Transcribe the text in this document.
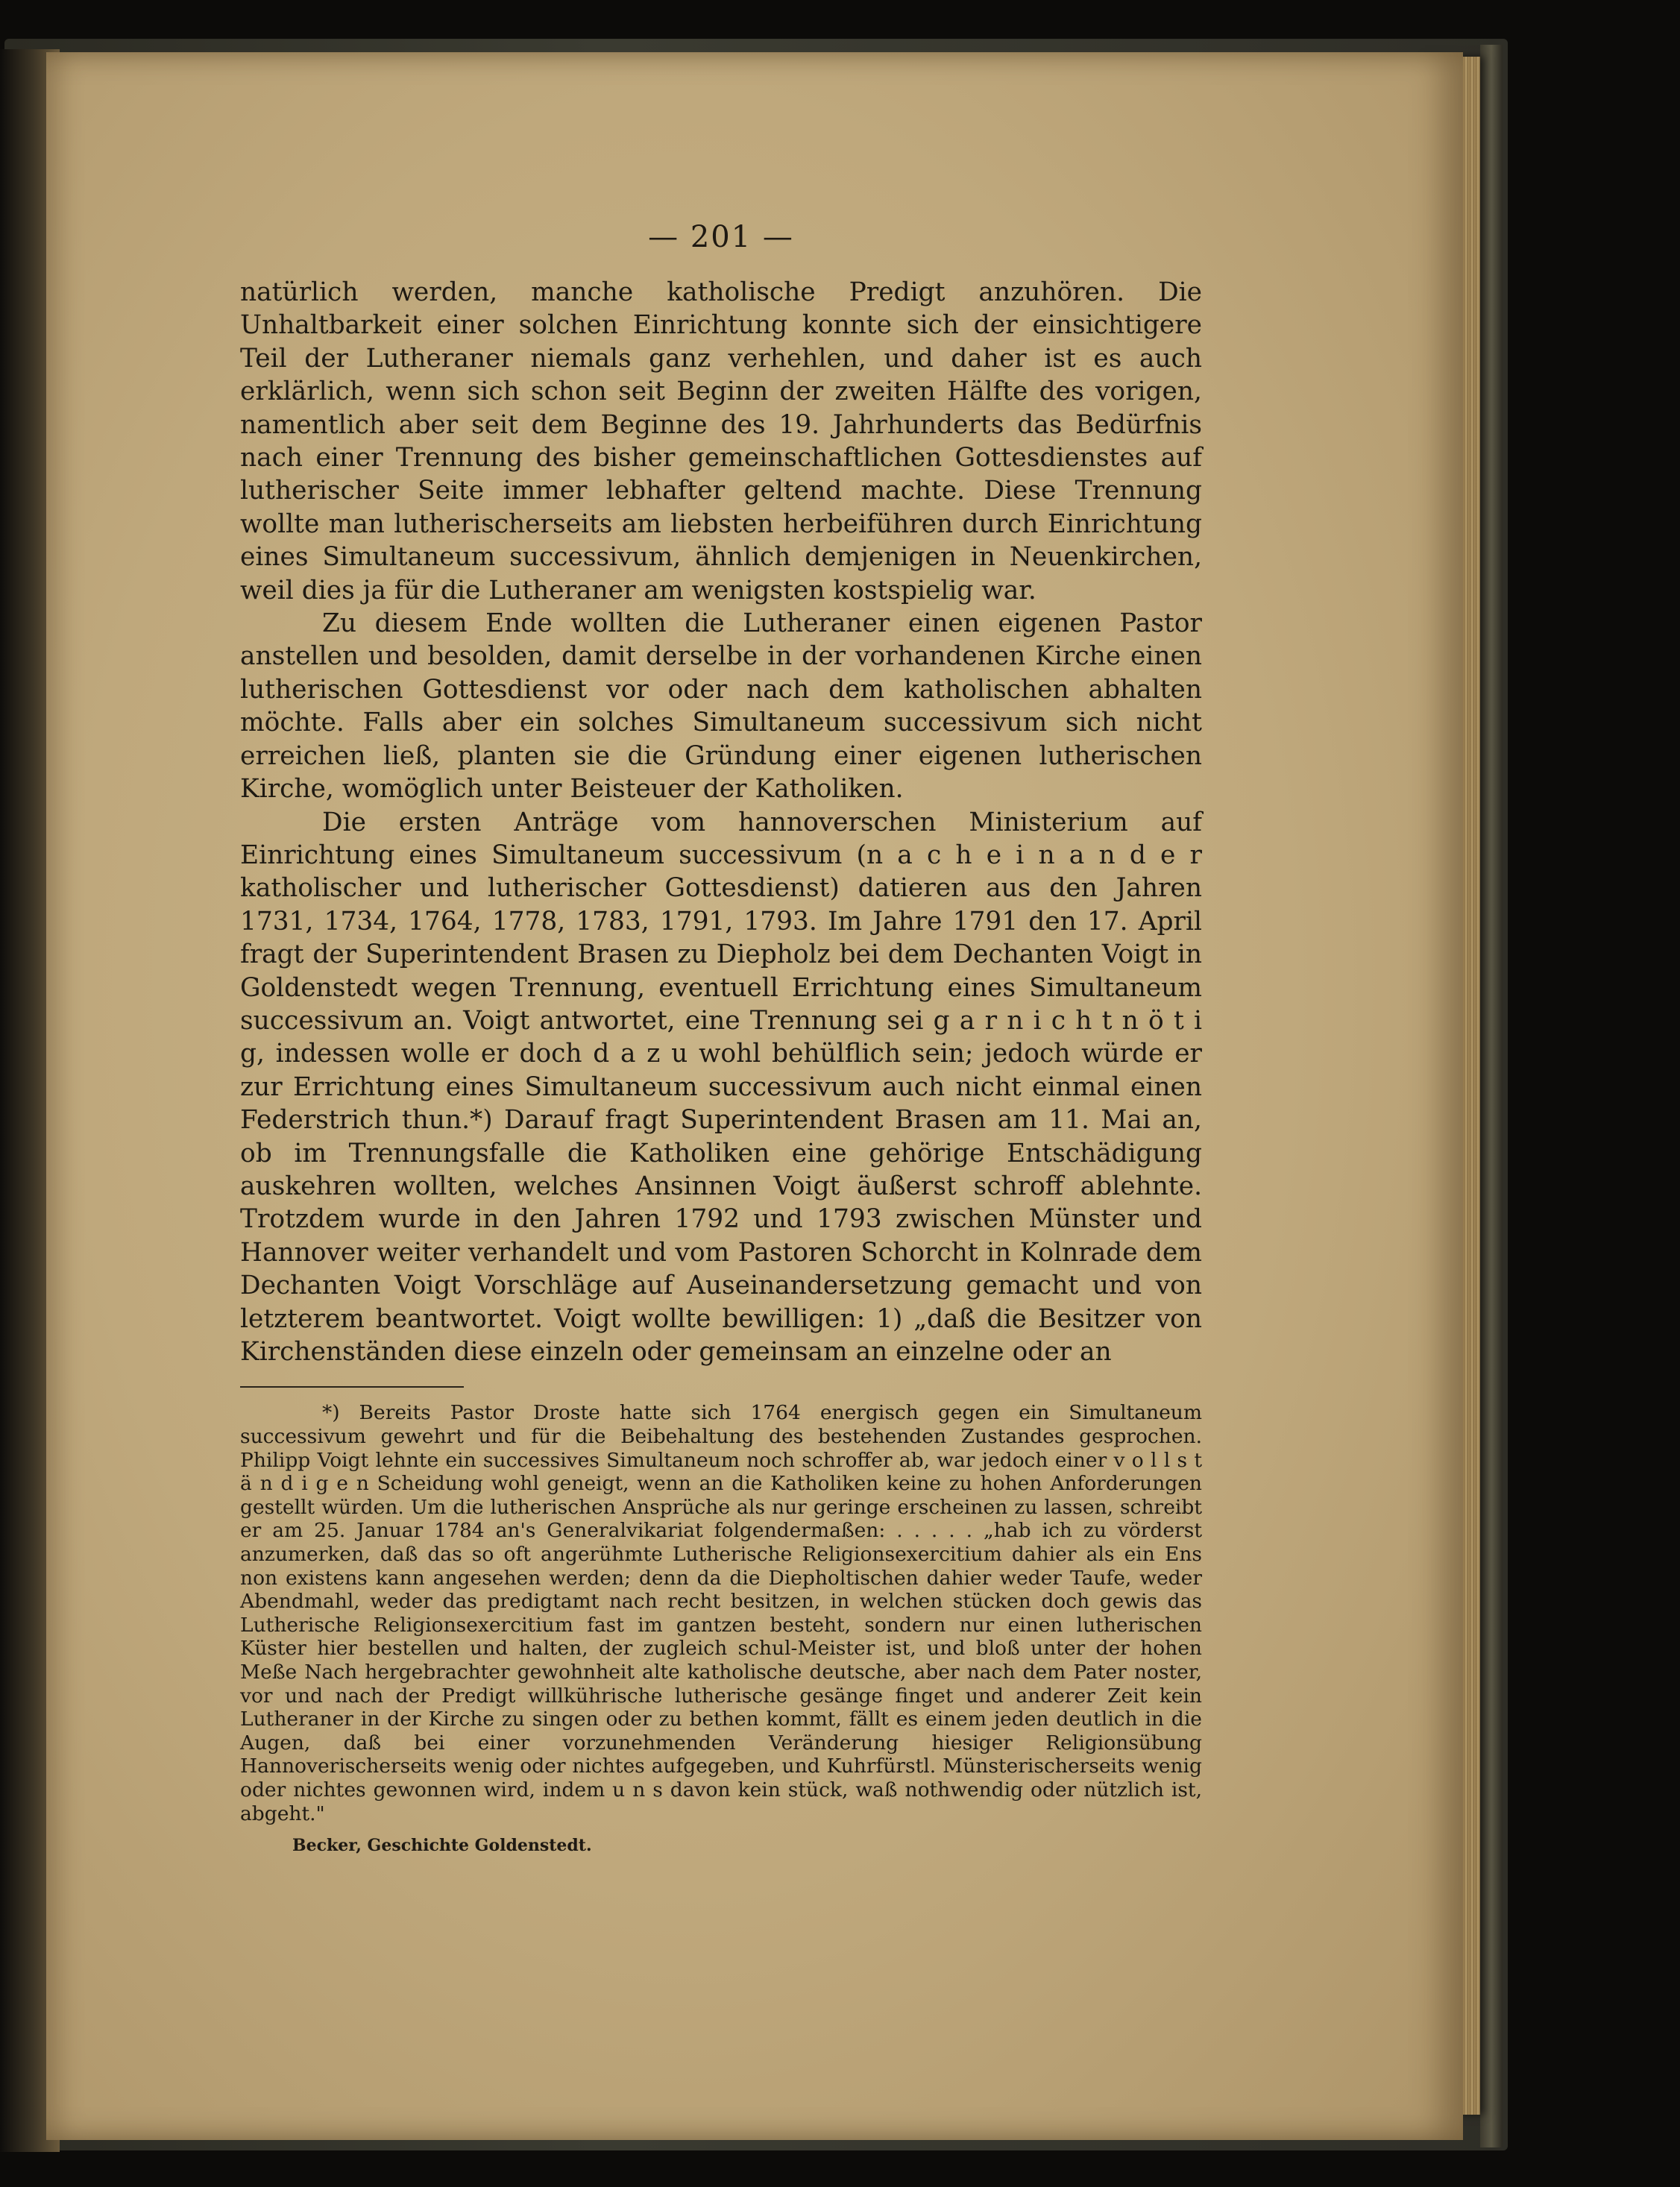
— 201 —

natürlich werden, manche katholische Predigt anzuhören. Die Unhaltbarkeit einer solchen Einrichtung konnte sich der einsichtigere Teil der Lutheraner niemals ganz verhehlen, und daher ist es auch erklärlich, wenn sich schon seit Beginn der zweiten Hälfte des vorigen, namentlich aber seit dem Beginne des 19. Jahrhunderts das Bedürfnis nach einer Trennung des bisher gemeinschaftlichen Gottesdienstes auf lutherischer Seite immer lebhafter geltend machte. Diese Trennung wollte man lutherischerseits am liebsten herbeiführen durch Einrichtung eines Simultaneum successivum, ähnlich demjenigen in Neuenkirchen, weil dies ja für die Lutheraner am wenigsten kostspielig war.

Zu diesem Ende wollten die Lutheraner einen eigenen Pastor anstellen und besolden, damit derselbe in der vorhandenen Kirche einen lutherischen Gottesdienst vor oder nach dem katholischen abhalten möchte. Falls aber ein solches Simultaneum successivum sich nicht erreichen ließ, planten sie die Gründung einer eigenen lutherischen Kirche, womöglich unter Beisteuer der Katholiken.

Die ersten Anträge vom hannoverschen Ministerium auf Einrichtung eines Simultaneum successivum (n a c h e i n a n d e r katholischer und lutherischer Gottesdienst) datieren aus den Jahren 1731, 1734, 1764, 1778, 1783, 1791, 1793. Im Jahre 1791 den 17. April fragt der Superintendent Brasen zu Diepholz bei dem Dechanten Voigt in Goldenstedt wegen Trennung, eventuell Errichtung eines Simultaneum successivum an. Voigt antwortet, eine Trennung sei g a r n i c h t n ö t i g, indessen wolle er doch d a z u wohl behülflich sein; jedoch würde er zur Errichtung eines Simultaneum successivum auch nicht einmal einen Federstrich thun.*) Darauf fragt Superintendent Brasen am 11. Mai an, ob im Trennungsfalle die Katholiken eine gehörige Entschädigung auskehren wollten, welches Ansinnen Voigt äußerst schroff ablehnte. Trotzdem wurde in den Jahren 1792 und 1793 zwischen Münster und Hannover weiter verhandelt und vom Pastoren Schorcht in Kolnrade dem Dechanten Voigt Vorschläge auf Auseinandersetzung gemacht und von letzterem beantwortet. Voigt wollte bewilligen: 1) „daß die Besitzer von Kirchenständen diese einzeln oder gemeinsam an einzelne oder an

*) Bereits Pastor Droste hatte sich 1764 energisch gegen ein Simultaneum successivum gewehrt und für die Beibehaltung des bestehenden Zustandes gesprochen. Philipp Voigt lehnte ein successives Simultaneum noch schroffer ab, war jedoch einer v o l l s t ä n d i g e n Scheidung wohl geneigt, wenn an die Katholiken keine zu hohen Anforderungen gestellt würden. Um die lutherischen Ansprüche als nur geringe erscheinen zu lassen, schreibt er am 25. Januar 1784 an's Generalvikariat folgendermaßen: . . . . . „hab ich zu vörderst anzumerken, daß das so oft angerühmte Lutherische Religionsexercitium dahier als ein Ens non existens kann angesehen werden; denn da die Diepholtischen dahier weder Taufe, weder Abendmahl, weder das predigtamt nach recht besitzen, in welchen stücken doch gewis das Lutherische Religionsexercitium fast im gantzen besteht, sondern nur einen lutherischen Küster hier bestellen und halten, der zugleich schul-Meister ist, und bloß unter der hohen Meße Nach hergebrachter gewohnheit alte katholische deutsche, aber nach dem Pater noster, vor und nach der Predigt willkührische lutherische gesänge finget und anderer Zeit kein Lutheraner in der Kirche zu singen oder zu bethen kommt, fällt es einem jeden deutlich in die Augen, daß bei einer vorzunehmenden Veränderung hiesiger Religionsübung Hannoverischerseits wenig oder nichtes aufgegeben, und Kuhrfürstl. Münsterischerseits wenig oder nichtes gewonnen wird, indem u n s davon kein stück, waß nothwendig oder nützlich ist, abgeht."

Becker, Geschichte Goldenstedt.
